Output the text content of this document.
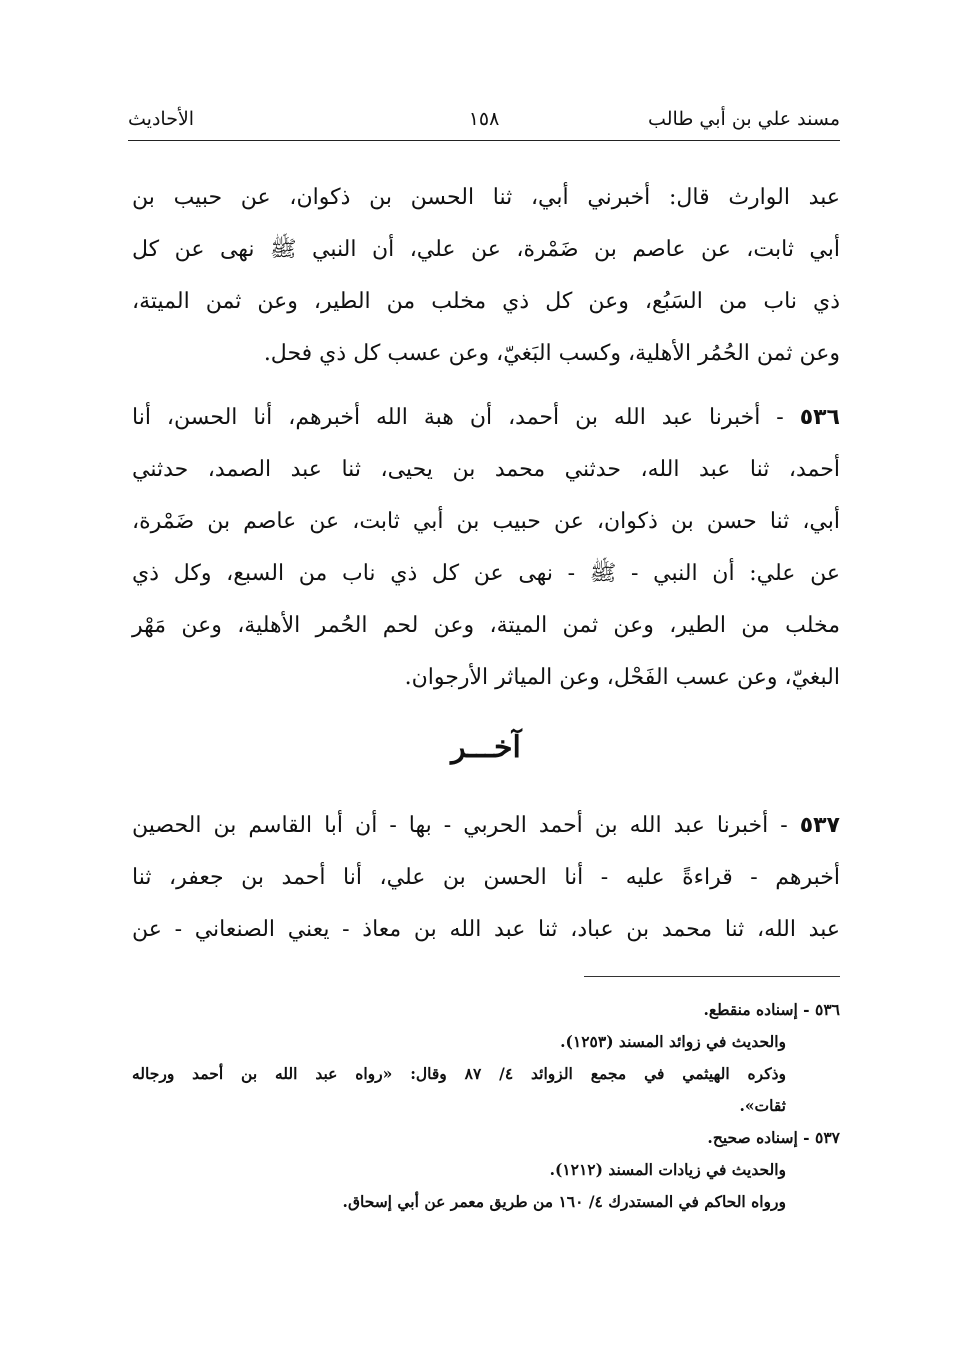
مسند علي بن أبي طالب
١٥٨
الأحاديث
عبد الوارث قال: أخبرني أبي، ثنا الحسن بن ذكوان، عن حبيب بن
أبي ثابت، عن عاصم بن ضَمْرة، عن علي، أن النبي ﷺ نهى عن كل
ذي ناب من السَبُع، وعن كل ذي مخلب من الطير، وعن ثمن الميتة،
وعن ثمن الحُمُر الأهلية، وكسب البَغيّ، وعن عسب كل ذي فحل.
٥٣٦ - أخبرنا عبد الله بن أحمد، أن هبة الله أخبرهم، أنا الحسن، أنا
أحمد، ثنا عبد الله، حدثني محمد بن يحيى، ثنا عبد الصمد، حدثني
أبي، ثنا حسن بن ذكوان، عن حبيب بن أبي ثابت، عن عاصم بن ضَمْرة،
عن علي: أن النبي - ﷺ - نهى عن كل ذي ناب من السبع، وكل ذي
مخلب من الطير، وعن ثمن الميتة، وعن لحم الحُمر الأهلية، وعن مَهْر
البغيّ، وعن عسب الفَحْل، وعن المياثر الأرجوان.
آخـــر
٥٣٧ - أخبرنا عبد الله بن أحمد الحربي - بها - أن أبا القاسم بن الحصين
أخبرهم - قراءةً عليه - أنا الحسن بن علي، أنا أحمد بن جعفر، ثنا
عبد الله، ثنا محمد بن عباد، ثنا عبد الله بن معاذ - يعني الصنعاني - عن
٥٣٦ - إسناده منقطع.
والحديث في زوائد المسند (١٢٥٣).
وذكره الهيثمي في مجمع الزوائد ٤/ ٨٧ وقال: «رواه عبد الله بن أحمد ورجاله
ثقات».
٥٣٧ - إسناده صحيح.
والحديث في زيادات المسند (١٢١٢).
ورواه الحاكم في المستدرك ٤/ ١٦٠ من طريق معمر عن أبي إسحاق.
